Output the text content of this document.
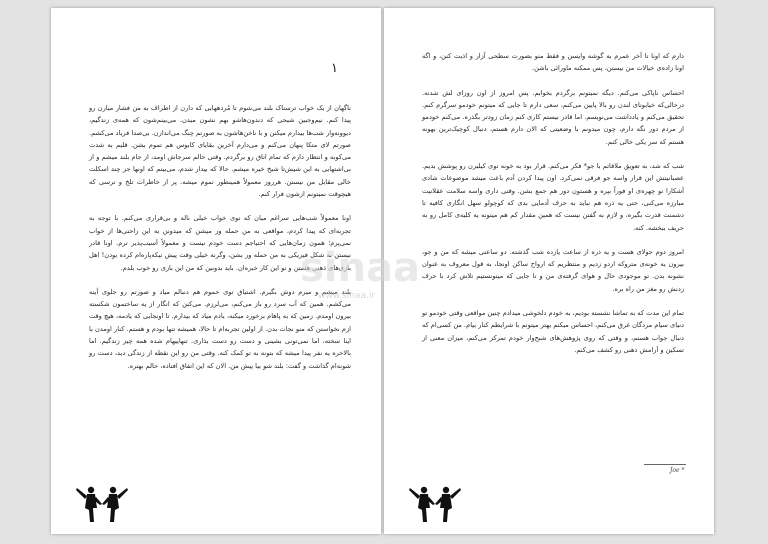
۱

ناگهان از یک خواب ترسناک بلند می‌شوم تا مُردههایی که دارن از اطراف به من فشار میارن رو پیدا کنم. نیم‌وجبین شبحی که دندون‌هاشو بهم نشون میدن. می‌بینم‌شون که همه‌ی زندگیم، دیوونه‌وار شب‌ها بیدارم میکنن و با ناخن‌هاشون به صورتم چنگ می‌اندازن. بی‌صدا فریاد می‌کشم. صورتم لای متکا پنهان می‌کنم و می‌دارم آخرین بقایای کابوس هم تموم بشن. قلبم به شدت می‌کوبه و انتظار دارم که تمام اتاق رو برگردم. وقتی حالم سرجاش اومد، از جام بلند میشم و از بی‌اشتهایی به این شیش‌تا شیخ خیره میشم. حالا که بیدار شدم، می‌بینم که اونها جز چند اسکلت خالی مقابل من نیستن. هرروز معمولاً همینطور تموم میشه. پر از خاطرات تلخ و ترسی که هیچوقت نمیتونم ازشون فرار کنم.

اونا معمولاً شب‌هایی سراغم میان که توی خواب خیلی ناله و بی‌قراری می‌کنم. با توجه به تجربه‌ای که پیدا کردم، مواقعی به من حمله ور میشن که میدونن به این راحتی‌ها از خواب نمی‌پرم؛ همون زمان‌هایی که احتیاجم دست خودم نیست و معمولاً آسیب‌پذیر ترم. اونا قادر نیستن به شکل فیزیکی به من حمله ور بشن، وگرنه خیلی وقت پیش تیکه‌پاره‌ام کرده بودن! اهل بازی‌های ذهنی هستن و تو این کار خبره‌ان. باید بدونین که من این بازی رو خوب بلدم.

بلند میشم و میرم دوش بگیرم. اشتیاق توی حموم هم دنبالم میاد و صورتم رو جلوی آینه می‌کشم. همین که آب سرد رو باز می‌کنم، می‌لرزم. می‌کنن که انگار از یه ساختمون شکسته بیرون اومدم. زمین که به پاهام برخورد میکنه، یادم میاد که بیدارم. تا اونجایی که یادمه، هیچ وقت ازم نخواستن که منو نجات بدن. از اولین تجربه‌ام تا حالا، همیشه تنها بودم و هستم. کنار اومدن با اینا سخته، اما نمی‌تونی بشینی و دست رو دست بذاری. تنهاییهام شده همه چیز زندگیم. اما بالاخره یه نفر پیدا میشه که بتونه به تو کمک کنه. وقتی من رو این نقطه از زندگی دید، دست رو شونه‌ام گذاشت و گفت: بلند شو بیا پیش من. الان که این اتفاق افتاده، حالم بهتره.

دارم که اونا تا آخر عمرم به گوشه وایسن و فقط منو بصورت سطحی آزار و اذیت کنن، و اگه اونا زاده‌ی خیالات من نیستن، پس ممکنه ماورائی باشن.

احساس ناپاکی می‌کنم. دیگه نمیتونم برگردم بخوابم. پس امروز از اون روزای لش شدنه. درحالی‌که خیابونای لندن رو بالا پایین می‌کنم، سعی دارم تا جایی که میتونم خودمو سرگرم کنم. تحقیق می‌کنم و یادداشت می‌نویسم. اما قادر نیستم کاری کنم زمان زودتر بگذره. می‌کنم خودمو از مردم دور نگه دارم، چون میدونم با وضعیتی که الان دارم هستم، دنبال کوچیک‌ترین بهونه هستم که سر یکی خالی کنم.

شب که شد، به تعویق ملاقاتم با جو* فکر می‌کنم. قرار بود به خونه توی کیلبرن رو پوشش بدیم. عصبانیتش این قرار واسه جو فرقی نمی‌کرد. اون پیدا کردن آدم باعث میشد موضوعات شادی آشکارا تو چهره‌ی او فوراً بپره و هستون دور هم جمع بشن. وقتی داری واسه سلامت عقلانیت مبارزه می‌کنی، حتی یه ذره هم نباید به حرف آدمایی بدی که کوچولو سهل انگاری کافیه تا دشمنت قدرت بگیره، و لازم به گفتن نیست که همین مقدار کم هم میتونه یه کلیه‌ی کامل رو به حریف ببخشه. کنه.

امروز دوم جولای هست و یه ذره از ساعت یازده شب گذشته. دو ساعتی میشه که من و جو، بیرون یه خونه‌ی متروکه اردو زدیم و منتظریم که ارواح ساکن اونجا، به قول معروف به عنوان نشونه بدن. تو موجودی حال و هوای گرفته‌ی من و تا جایی که میتونستیم تلاش کرد با حرف زدنش رو مغز من راه بره.

تمام این مدت که به تماشا نشسته بودیم، به خودم دلخوشی میدادم چنین مواقعی وقتی خودمو تو دنیای سیام مردگان غرق می‌کنم، احساس میکنم بهتر میتونم با شرایطم کنار بیام. من کسی‌ام که دنبال جواب هستم، و وقتی که روی پژوهش‌های شبح‌وار خودم تمرکز می‌کنم، میزان معنی از تسکین و آرامش ذهنی رو کشف می‌کنم.

Joe *
sinaa
www.sinaa.ir
